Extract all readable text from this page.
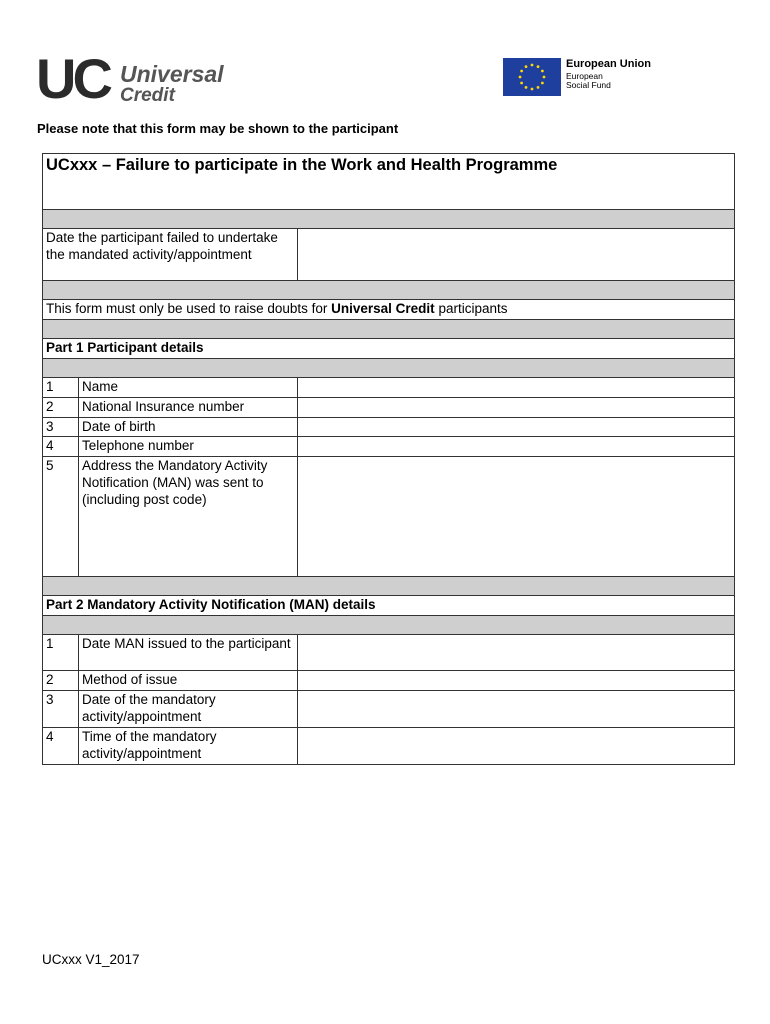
UC Universal
Credit
European Union
European
Social Fund
Please note that this form may be shown to the participant
UCxxx – Failure to participate in the Work and Health Programme		

Date the participant failed to undertake the mandated activity/appointment		

This form must only be used to raise doubts for Universal Credit participants		

Part 1 Participant details		

1	Name	
2	National Insurance number	
3	Date of birth	
4	Telephone number	
5	Address the Mandatory Activity Notification (MAN) was sent to (including post code)	

Part 2 Mandatory Activity Notification (MAN) details		

1	Date MAN issued to the participant	
2	Method of issue	
3	Date of the mandatory activity/appointment	
4	Time of the mandatory activity/appointment	
UCxxx V1_2017
